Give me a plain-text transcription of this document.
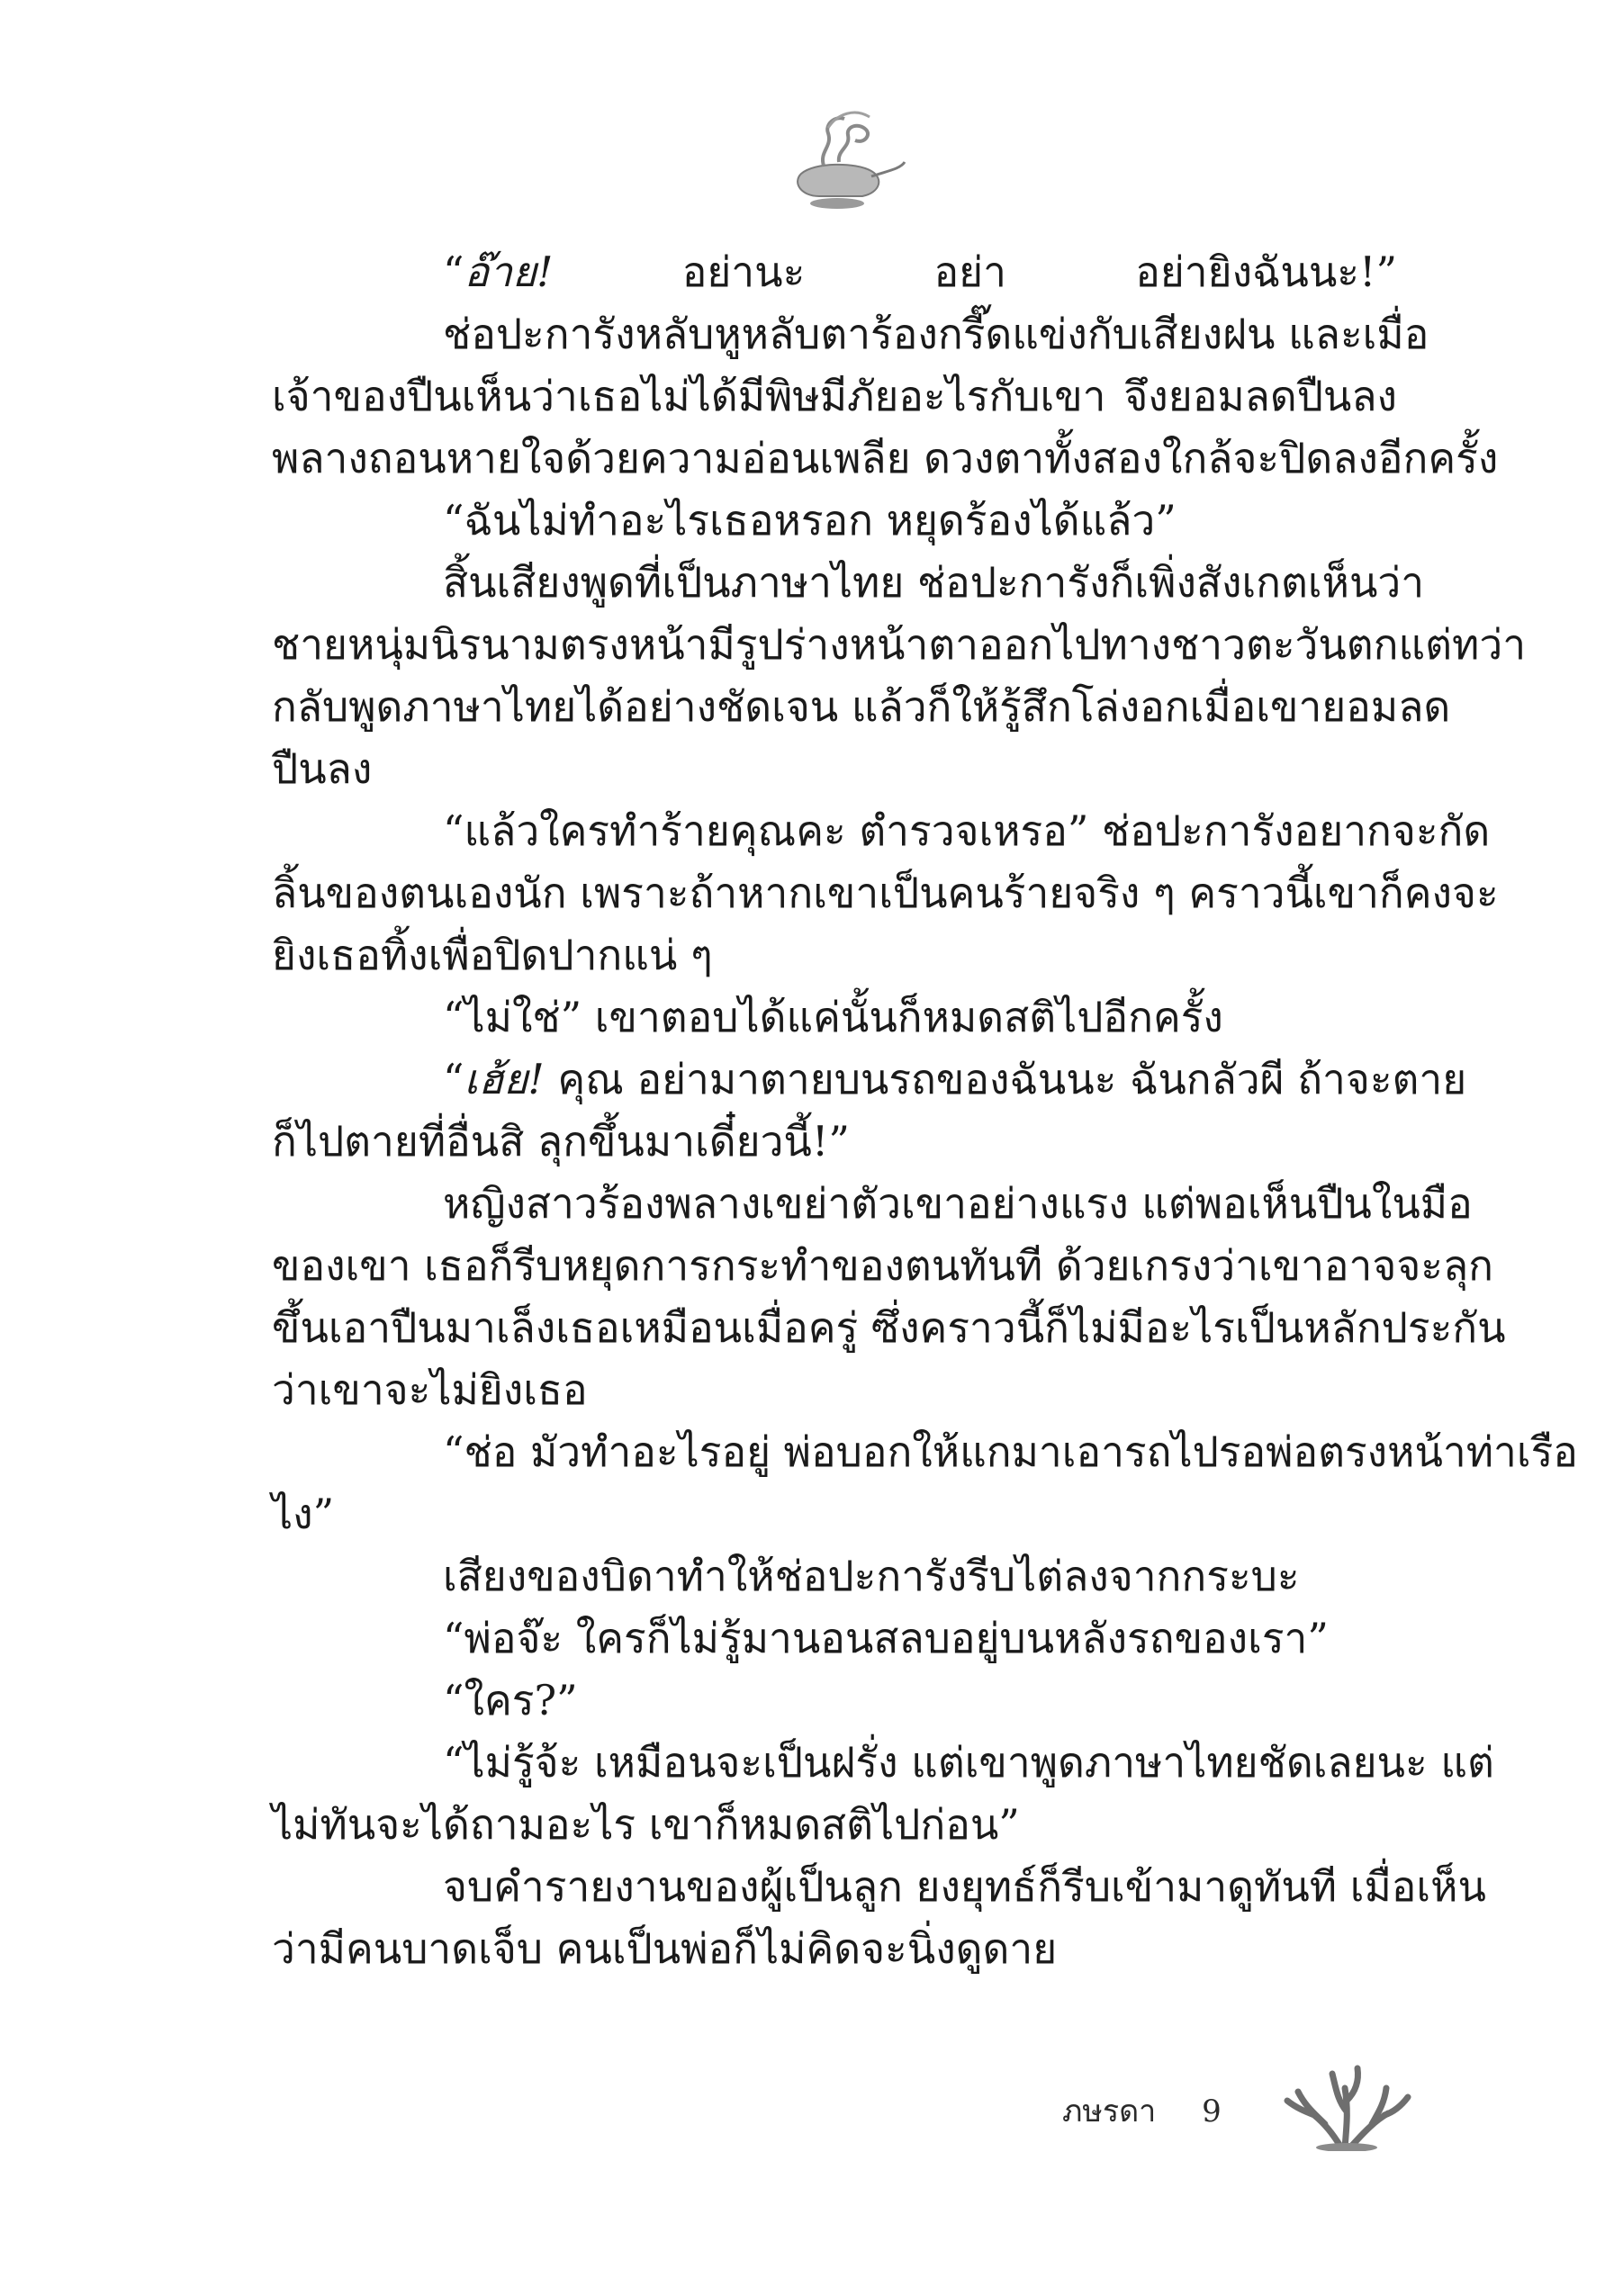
“อ๊าย! อย่านะ อย่า อย่ายิงฉันนะ!”
ช่อปะการังหลับหูหลับตาร้องกรี๊ดแข่งกับเสียงฝน และเมื่อ
เจ้าของปืนเห็นว่าเธอไม่ได้มีพิษมีภัยอะไรกับเขา จึงยอมลดปืนลง
พลางถอนหายใจด้วยความอ่อนเพลีย ดวงตาทั้งสองใกล้จะปิดลงอีกครั้ง
“ฉันไม่ทำอะไรเธอหรอก หยุดร้องได้แล้ว”
สิ้นเสียงพูดที่เป็นภาษาไทย ช่อปะการังก็เพิ่งสังเกตเห็นว่า
ชายหนุ่มนิรนามตรงหน้ามีรูปร่างหน้าตาออกไปทางชาวตะวันตกแต่ทว่า
กลับพูดภาษาไทยได้อย่างชัดเจน แล้วก็ให้รู้สึกโล่งอกเมื่อเขายอมลด
ปืนลง
“แล้วใครทำร้ายคุณคะ ตำรวจเหรอ” ช่อปะการังอยากจะกัด
ลิ้นของตนเองนัก เพราะถ้าหากเขาเป็นคนร้ายจริง ๆ คราวนี้เขาก็คงจะ
ยิงเธอทิ้งเพื่อปิดปากแน่ ๆ
“ไม่ใช่” เขาตอบได้แค่นั้นก็หมดสติไปอีกครั้ง
“เฮ้ย! คุณ อย่ามาตายบนรถของฉันนะ ฉันกลัวผี ถ้าจะตาย
ก็ไปตายที่อื่นสิ ลุกขึ้นมาเดี๋ยวนี้!”
หญิงสาวร้องพลางเขย่าตัวเขาอย่างแรง แต่พอเห็นปืนในมือ
ของเขา เธอก็รีบหยุดการกระทำของตนทันที ด้วยเกรงว่าเขาอาจจะลุก
ขึ้นเอาปืนมาเล็งเธอเหมือนเมื่อครู่ ซึ่งคราวนี้ก็ไม่มีอะไรเป็นหลักประกัน
ว่าเขาจะไม่ยิงเธอ
“ช่อ มัวทำอะไรอยู่ พ่อบอกให้แกมาเอารถไปรอพ่อตรงหน้าท่าเรือ
ไง”
เสียงของบิดาทำให้ช่อปะการังรีบไต่ลงจากกระบะ
“พ่อจ๊ะ ใครก็ไม่รู้มานอนสลบอยู่บนหลังรถของเรา”
“ใคร?”
“ไม่รู้จ้ะ เหมือนจะเป็นฝรั่ง แต่เขาพูดภาษาไทยชัดเลยนะ แต่
ไม่ทันจะได้ถามอะไร เขาก็หมดสติไปก่อน”
จบคำรายงานของผู้เป็นลูก ยงยุทธ์ก็รีบเข้ามาดูทันที เมื่อเห็น
ว่ามีคนบาดเจ็บ คนเป็นพ่อก็ไม่คิดจะนิ่งดูดาย
ภษรดา 9
